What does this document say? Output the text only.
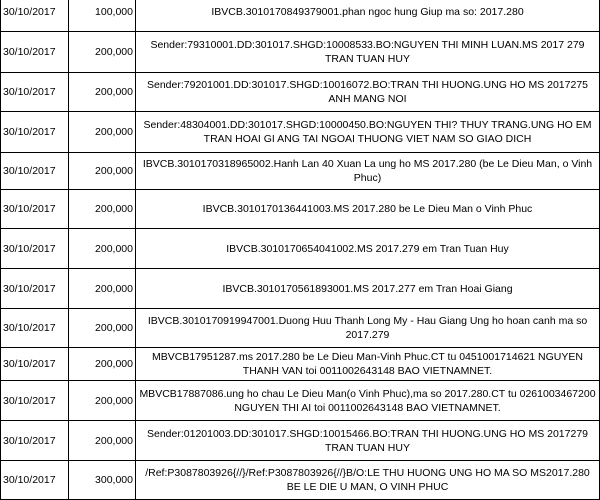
30/10/2017	100,000	IBVCB.3010170849379001.phan ngoc hung Giup ma so: 2017.280
30/10/2017	200,000	Sender:79310001.DD:301017.SHGD:10008533.BO:NGUYEN THI MINH LUAN.MS 2017 279 TRAN TUAN HUY
30/10/2017	200,000	Sender:79201001.DD:301017.SHGD:10016072.BO:TRAN THI HUONG.UNG HO MS 2017275 ANH MANG NOI
30/10/2017	200,000	Sender:48304001.DD:301017.SHGD:10000450.BO:NGUYEN THI? THUY TRANG.UNG HO EM TRAN HOAI GI ANG TAI NGOAI THUONG VIET NAM SO GIAO DICH
30/10/2017	200,000	IBVCB.3010170318965002.Hanh Lan 40 Xuan La ung ho MS 2017.280 (be Le Dieu Man, o Vinh Phuc)
30/10/2017	200,000	IBVCB.3010170136441003.MS 2017.280 be Le Dieu Man o Vinh Phuc
30/10/2017	200,000	IBVCB.3010170654041002.MS 2017.279 em Tran Tuan Huy
30/10/2017	200,000	IBVCB.3010170561893001.MS 2017.277 em Tran Hoai Giang
30/10/2017	200,000	IBVCB.3010170919947001.Duong Huu Thanh Long My - Hau Giang Ung ho hoan canh ma so 2017.279
30/10/2017	200,000	MBVCB17951287.ms 2017.280 be Le Dieu Man-Vinh Phuc.CT tu 0451001714621 NGUYEN THANH VAN toi 0011002643148 BAO VIETNAMNET.
30/10/2017	200,000	MBVCB17887086.ung ho chau Le Dieu Man(o Vinh Phuc),ma so 2017.280.CT tu 0261003467200 NGUYEN THI AI toi 0011002643148 BAO VIETNAMNET.
30/10/2017	200,000	Sender:01201003.DD:301017.SHGD:10015466.BO:TRAN THI HUONG.UNG HO MS 2017279 TRAN TUAN HUY
30/10/2017	300,000	/Ref:P3087803926{//}/Ref:P3087803926{//}B/O:LE THU HUONG UNG HO MA SO MS2017.280 BE LE DIE U MAN, O VINH PHUC
